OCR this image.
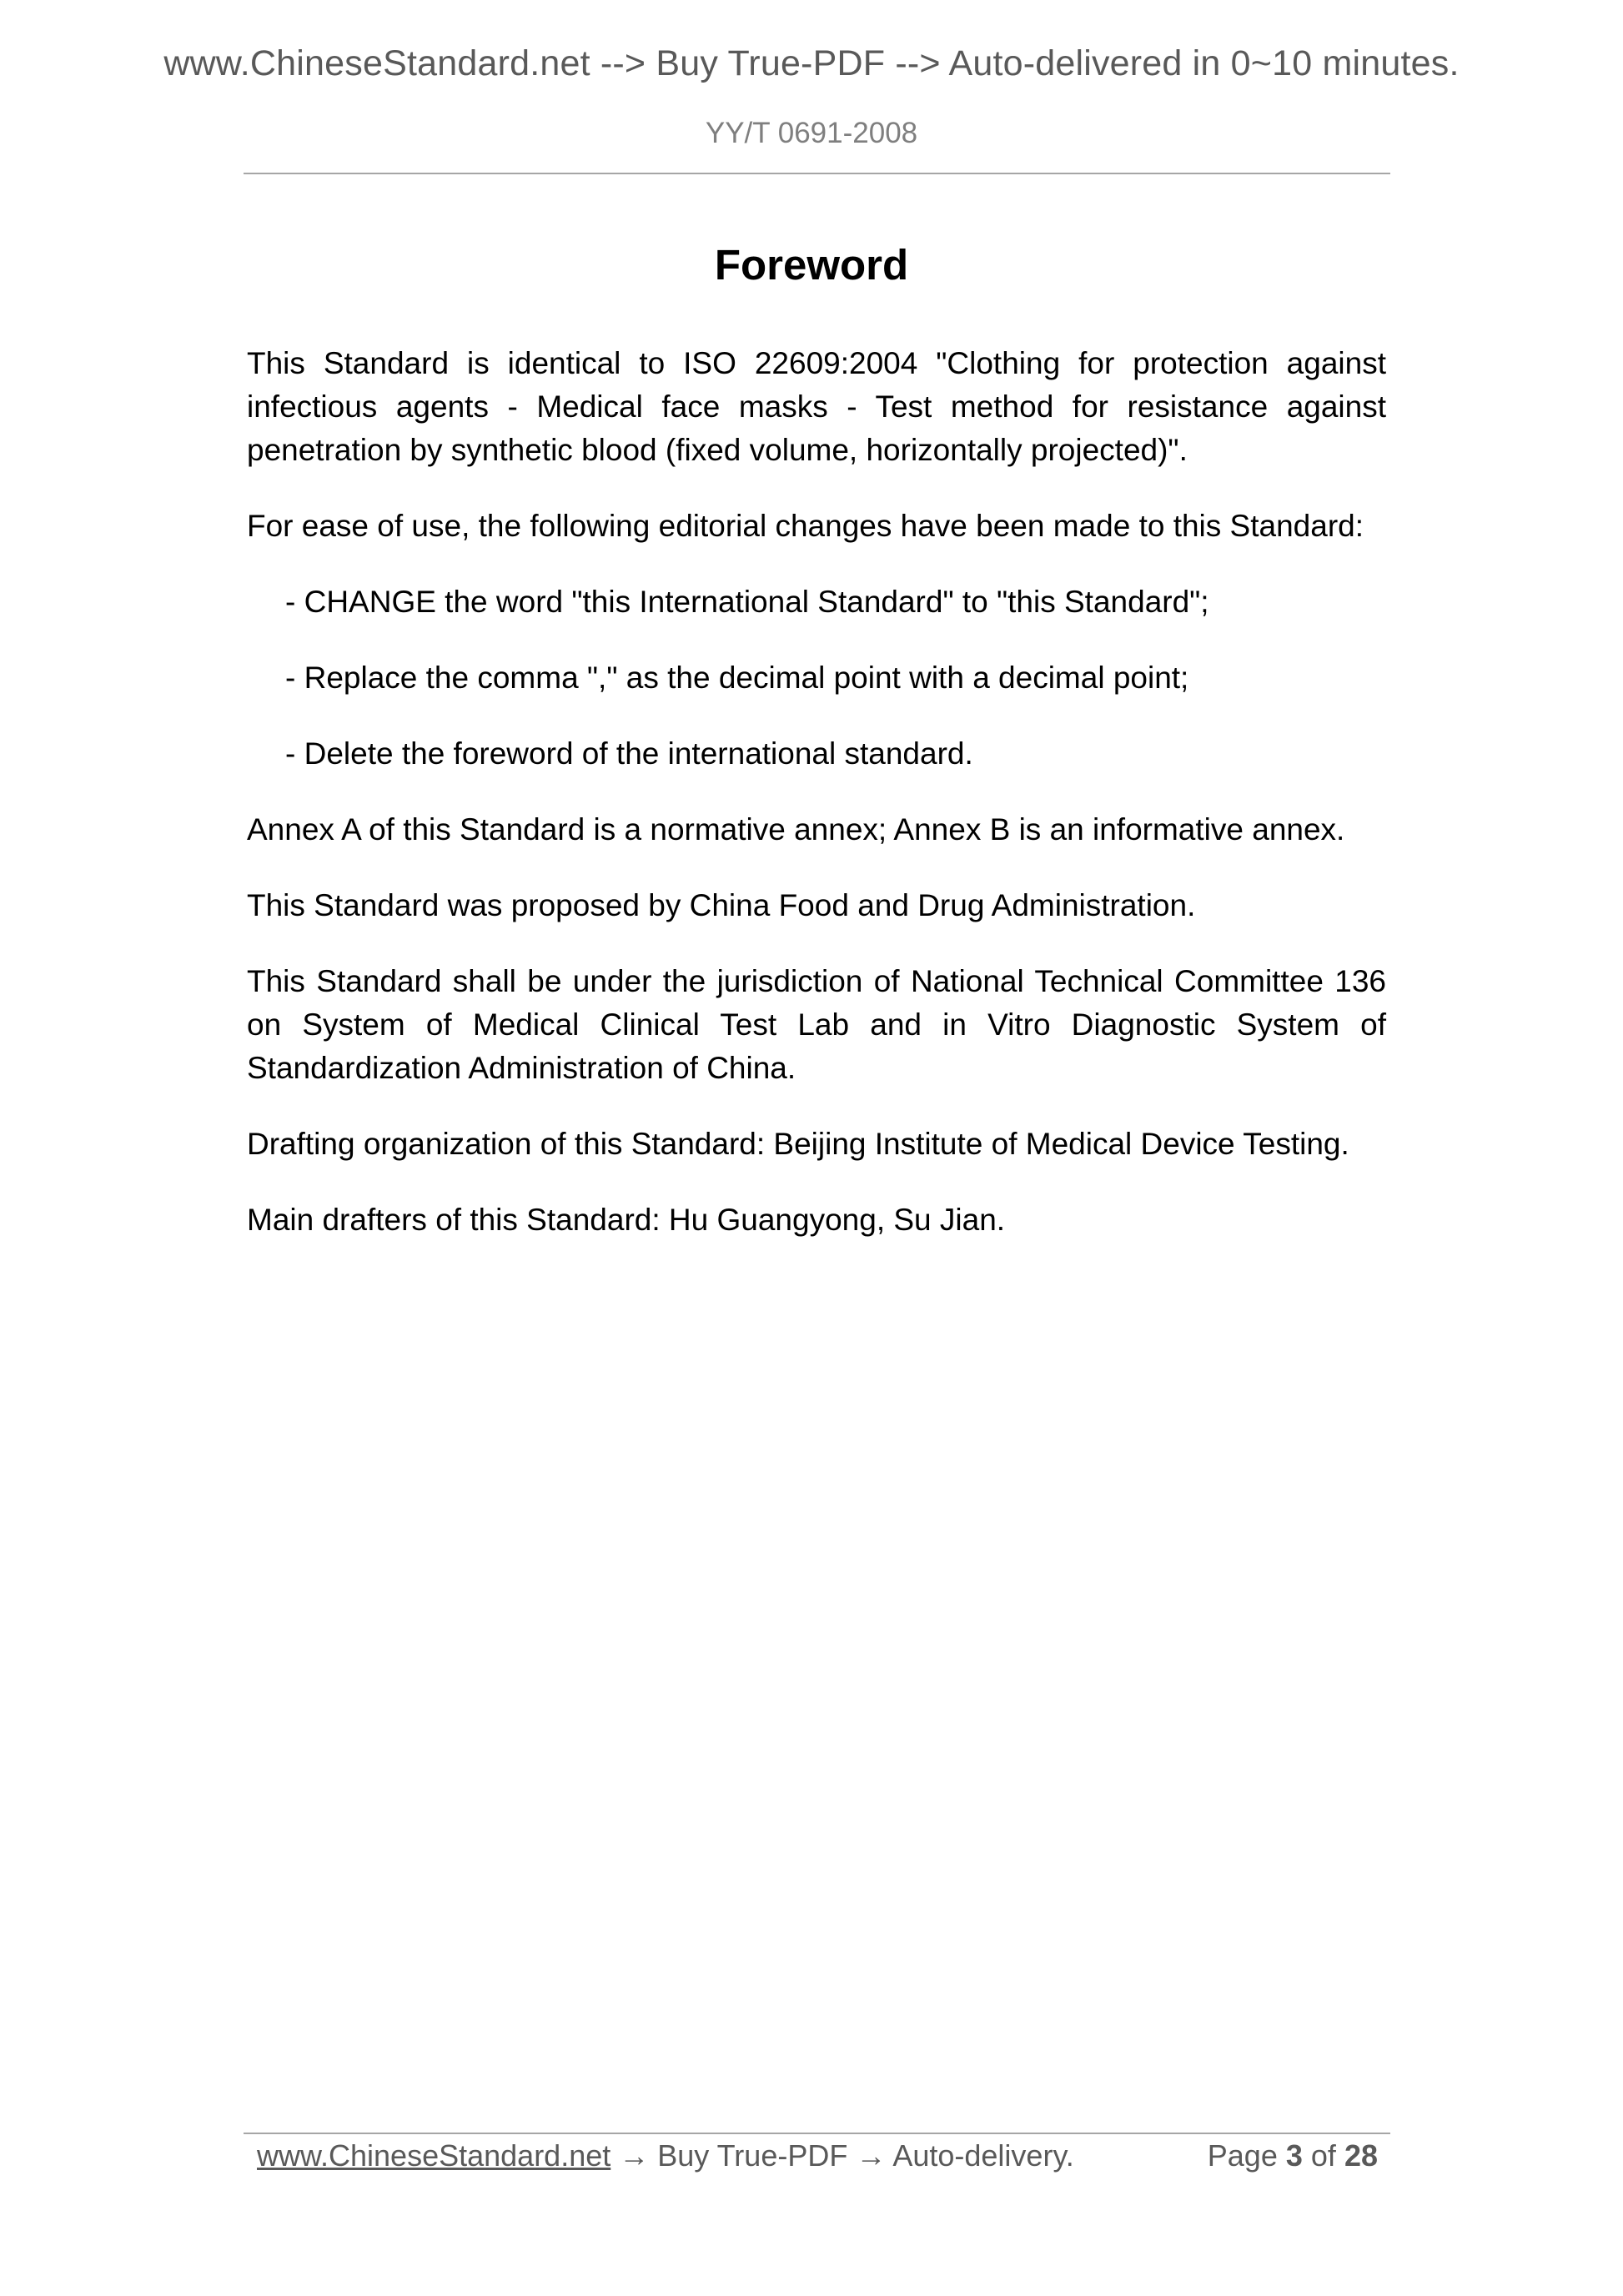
www.ChineseStandard.net --> Buy True-PDF --> Auto-delivered in 0~10 minutes.
YY/T 0691-2008
Foreword

This Standard is identical to ISO 22609:2004 "Clothing for protection against infectious agents - Medical face masks - Test method for resistance against penetration by synthetic blood (fixed volume, horizontally projected)".

For ease of use, the following editorial changes have been made to this Standard:

- CHANGE the word "this International Standard" to "this Standard";

- Replace the comma "," as the decimal point with a decimal point;

- Delete the foreword of the international standard.

Annex A of this Standard is a normative annex; Annex B is an informative annex.

This Standard was proposed by China Food and Drug Administration.

This Standard shall be under the jurisdiction of National Technical Committee 136 on System of Medical Clinical Test Lab and in Vitro Diagnostic System of Standardization Administration of China.

Drafting organization of this Standard: Beijing Institute of Medical Device Testing.

Main drafters of this Standard: Hu Guangyong, Su Jian.

www.ChineseStandard.net → Buy True-PDF → Auto-delivery.	Page 3 of 28
